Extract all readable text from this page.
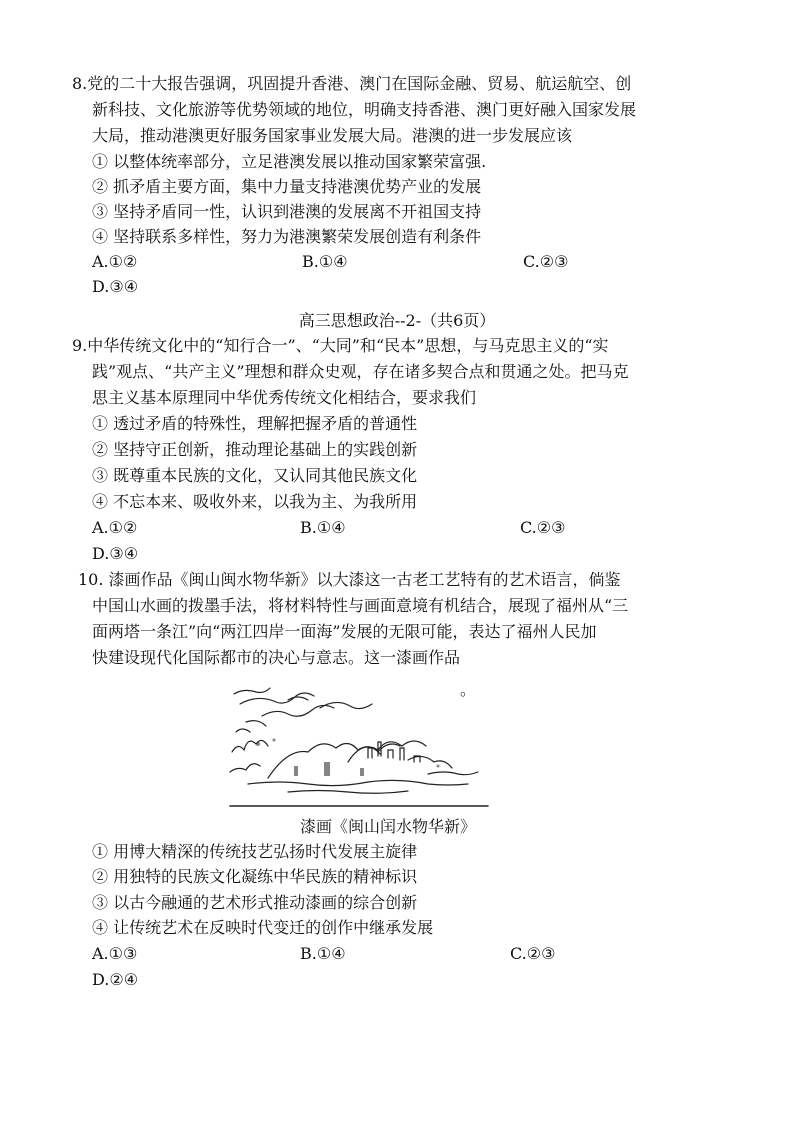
8.党的二十大报告强调，巩固提升香港、澳门在国际金融、贸易、航运航空、创
新科技、文化旅游等优势领域的地位，明确支持香港、澳门更好融入国家发展
大局，推动港澳更好服务国家事业发展大局。港澳的进一步发展应该
① 以整体统率部分，立足港澳发展以推动国家繁荣富强.
② 抓矛盾主要方面，集中力量支持港澳优势产业的发展
③ 坚持矛盾同一性，认识到港澳的发展离不开祖国支持
④ 坚持联系多样性，努力为港澳繁荣发展创造有利条件
A.①②	B.①④	C.②③
D.③④
高三思想政治--2-（共6页）
9.中华传统文化中的“知行合一”、“大同”和“民本”思想，与马克思主义的“实
践”观点、“共产主义”理想和群众史观，存在诸多契合点和贯通之处。把马克
思主义基本原理同中华优秀传统文化相结合，要求我们
① 透过矛盾的特殊性，理解把握矛盾的普通性
② 坚持守正创新，推动理论基础上的实践创新
③ 既尊重本民族的文化，又认同其他民族文化
④ 不忘本来、吸收外来，以我为主、为我所用
A.①②	B.①④	C.②③
D.③④
10. 漆画作品《闽山闽水物华新》以大漆这一古老工艺特有的艺术语言，倘鉴
中国山水画的拨墨手法，将材料特性与画面意境有机结合，展现了福州从“三
面两塔一条江”向“两江四岸一面海”发展的无限可能，表达了福州人民加
快建设现代化国际都市的决心与意志。这一漆画作品
。
漆画《闽山闰水物华新》
① 用博大精深的传统技艺弘扬时代发展主旋律
② 用独特的民族文化凝练中华民族的精神标识
③ 以古今融通的艺术形式推动漆画的综合创新
④ 让传统艺术在反映时代变迁的创作中继承发展
A.①③	B.①④	C.②③
D.②④
